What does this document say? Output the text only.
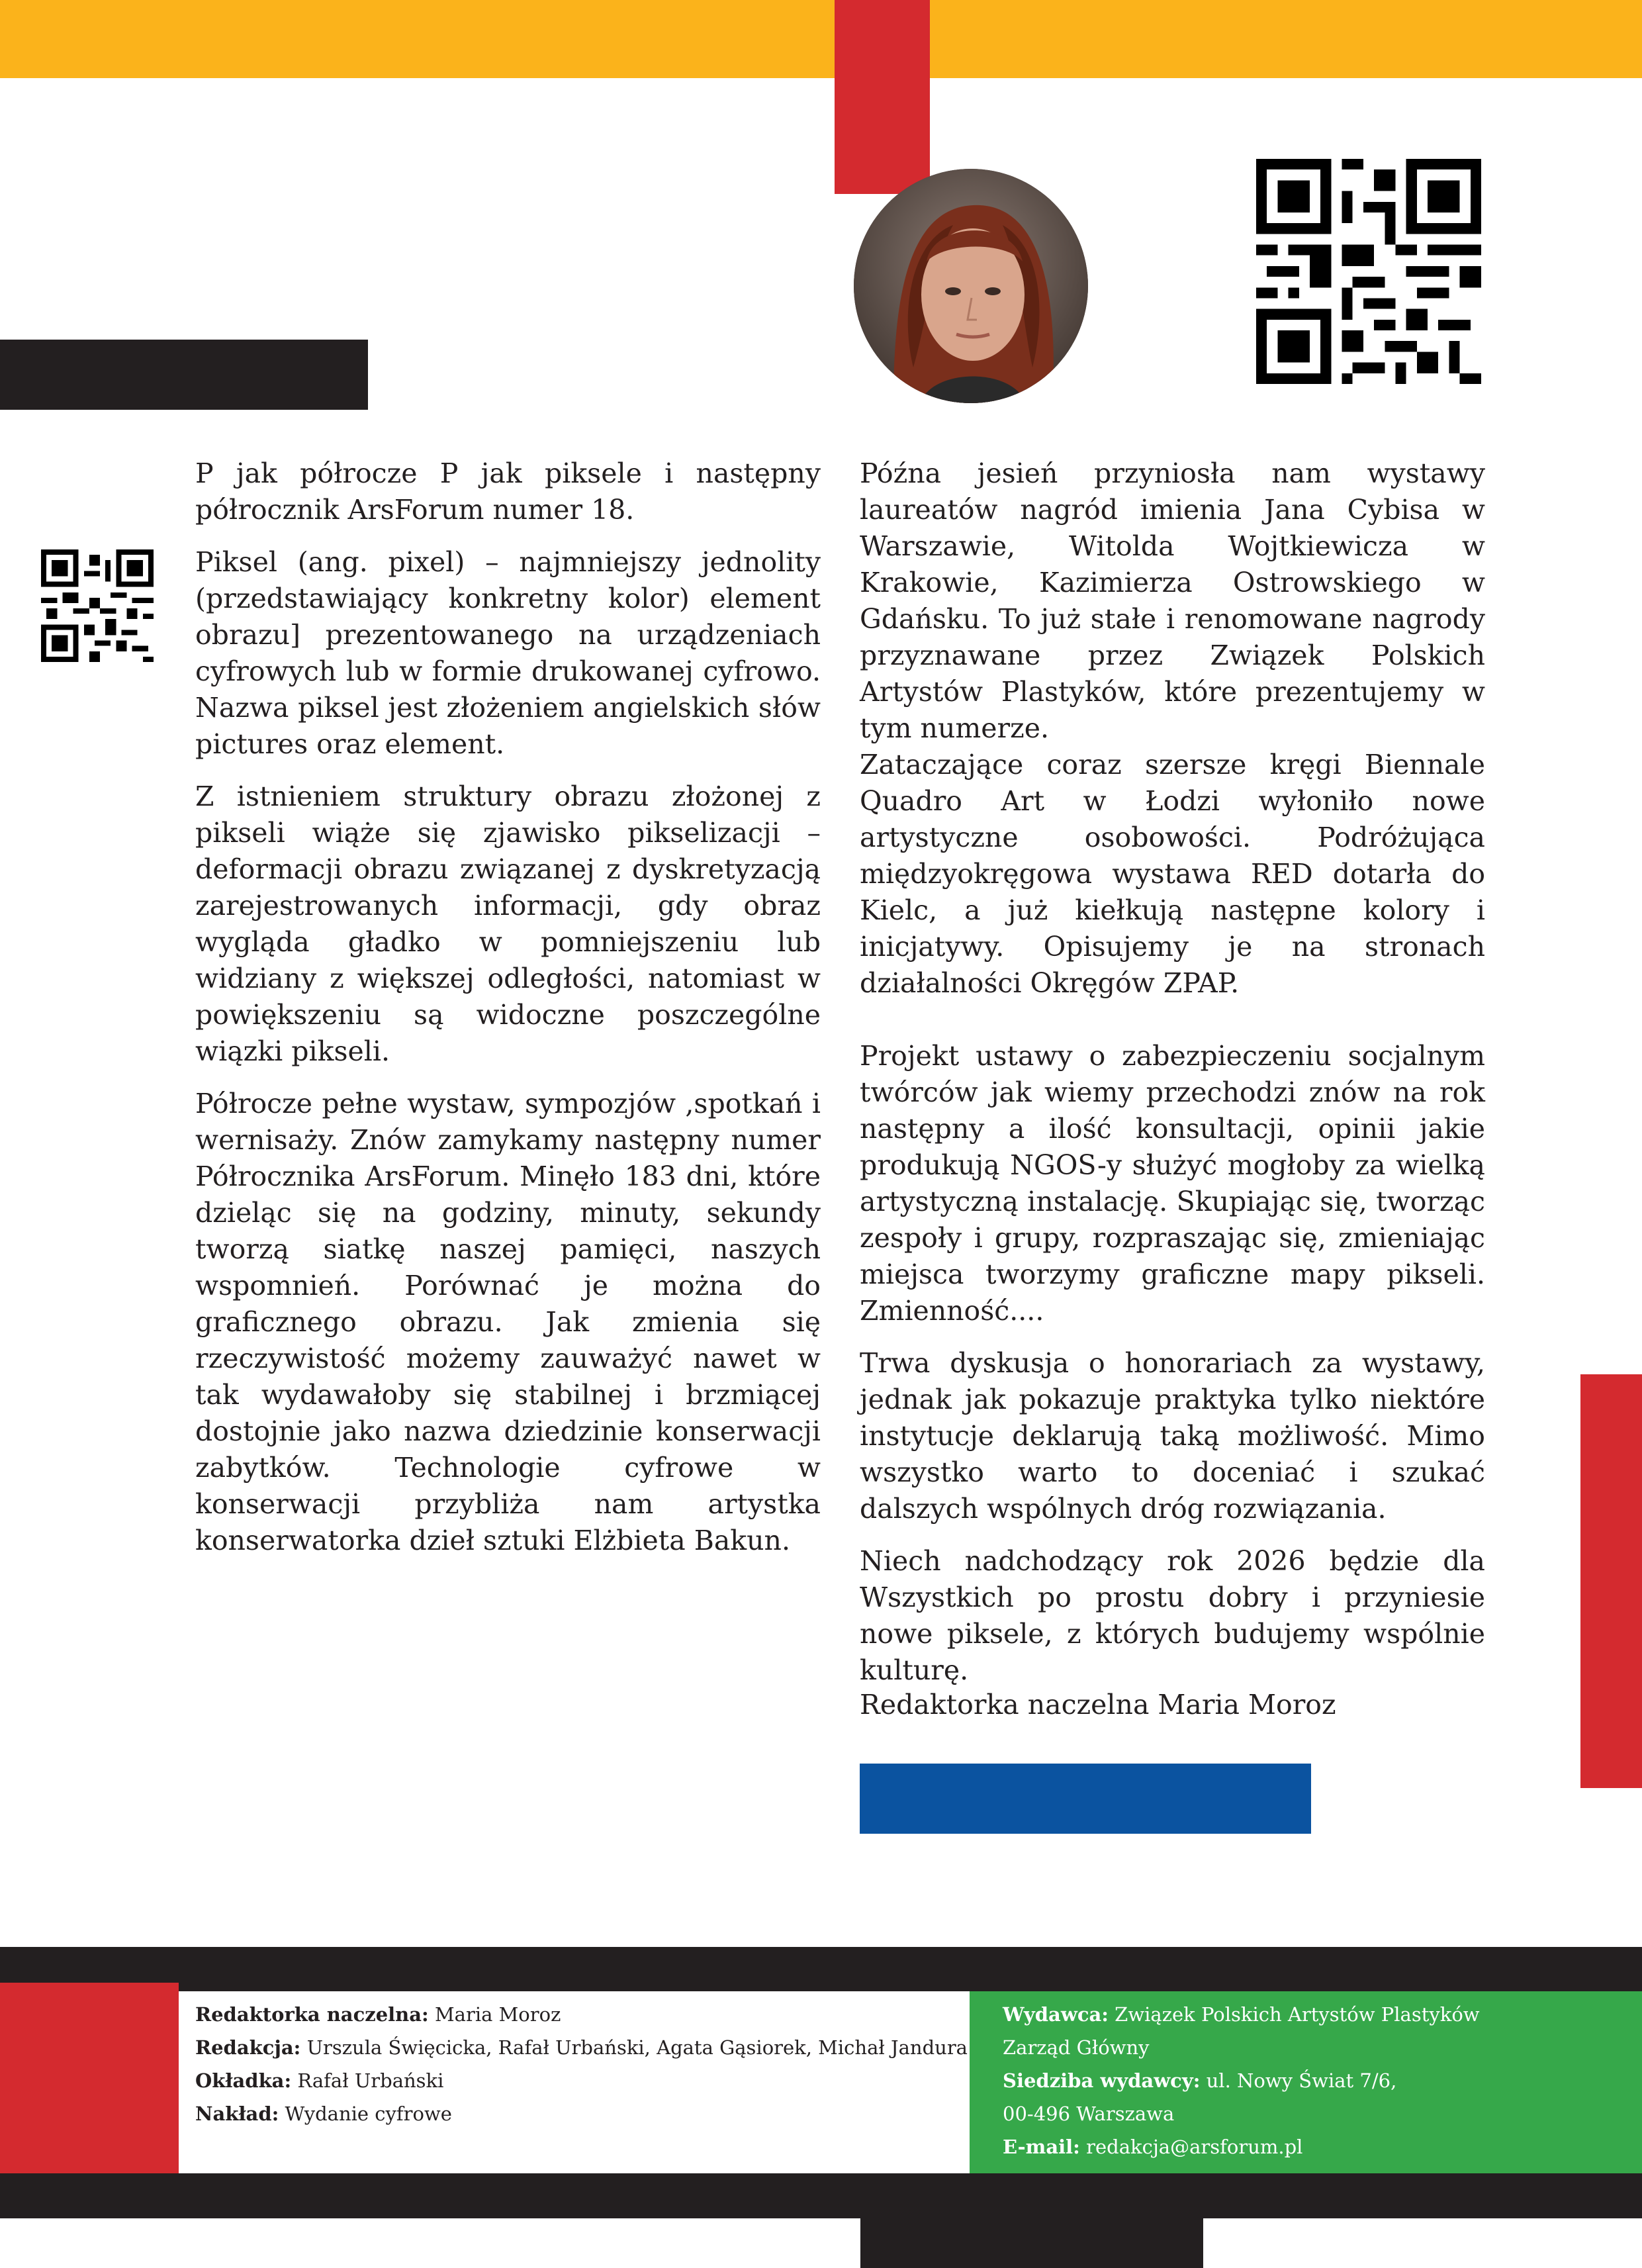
P jak półrocze P jak piksele i następny półrocznik ArsForum numer 18.

Piksel (ang. pixel) – najmniejszy jednolity (przedstawiający konkretny kolor) element obrazu] prezentowanego na urządzeniach cyfrowych lub w formie drukowanej cyfrowo. Nazwa piksel jest złożeniem angielskich słów pictures oraz element.

Z istnieniem struktury obrazu złożonej z pikseli wiąże się zjawisko pikselizacji – deformacji obrazu związanej z dyskretyzacją zarejestrowanych informacji, gdy obraz wygląda gładko w pomniejszeniu lub widziany z większej odległości, natomiast w powiększeniu są widoczne poszczególne wiązki pikseli.

Półrocze pełne wystaw, sympozjów ,spotkań i wernisaży. Znów zamykamy następny numer Półrocznika ArsForum. Minęło 183 dni, które dzieląc się na godziny, minuty, sekundy tworzą siatkę naszej pamięci, naszych wspomnień. Porównać je można do graficznego obrazu. Jak zmienia się rzeczywistość możemy zauważyć nawet w tak wydawałoby się stabilnej i brzmiącej dostojnie jako nazwa dziedzinie konserwacji zabytków. Technologie cyfrowe w konserwacji przybliża nam artystka konserwatorka dzieł sztuki Elżbieta Bakun.

Późna jesień przyniosła nam wystawy laureatów nagród imienia Jana Cybisa w Warszawie, Witolda Wojtkiewicza w Krakowie, Kazimierza Ostrowskiego w Gdańsku. To już stałe i renomowane nagrody przyznawane przez Związek Polskich Artystów Plastyków, które prezentujemy w tym numerze.

Zataczające coraz szersze kręgi Biennale Quadro Art w Łodzi wyłoniło nowe artystyczne osobowości. Podróżująca międzyokręgowa wystawa RED dotarła do Kielc, a już kiełkują następne kolory i inicjatywy. Opisujemy je na stronach działalności Okręgów ZPAP.

Projekt ustawy o zabezpieczeniu socjalnym twórców jak wiemy przechodzi znów na rok następny a ilość konsultacji, opinii jakie produkują NGOS-y służyć mogłoby za wielką artystyczną instalację. Skupiając się, tworząc zespoły i grupy, rozpraszając się, zmieniając miejsca tworzymy graficzne mapy pikseli. Zmienność....

Trwa dyskusja o honorariach za wystawy, jednak jak pokazuje praktyka tylko niektóre instytucje deklarują taką możliwość. Mimo wszystko warto to doceniać i szukać dalszych wspólnych dróg rozwiązania.

Niech nadchodzący rok 2026 będzie dla Wszystkich po prostu dobry i przyniesie nowe piksele, z których budujemy wspólnie kulturę.

Redaktorka naczelna Maria Moroz
Redaktorka naczelna: Maria Moroz
Redakcja: Urszula Święcicka, Rafał Urbański, Agata Gąsiorek, Michał Jandura
Okładka: Rafał Urbański
Nakład: Wydanie cyfrowe
Wydawca: Związek Polskich Artystów Plastyków
Zarząd Główny
Siedziba wydawcy: ul. Nowy Świat 7/6,
00-496 Warszawa
E-mail: redakcja@arsforum.pl
